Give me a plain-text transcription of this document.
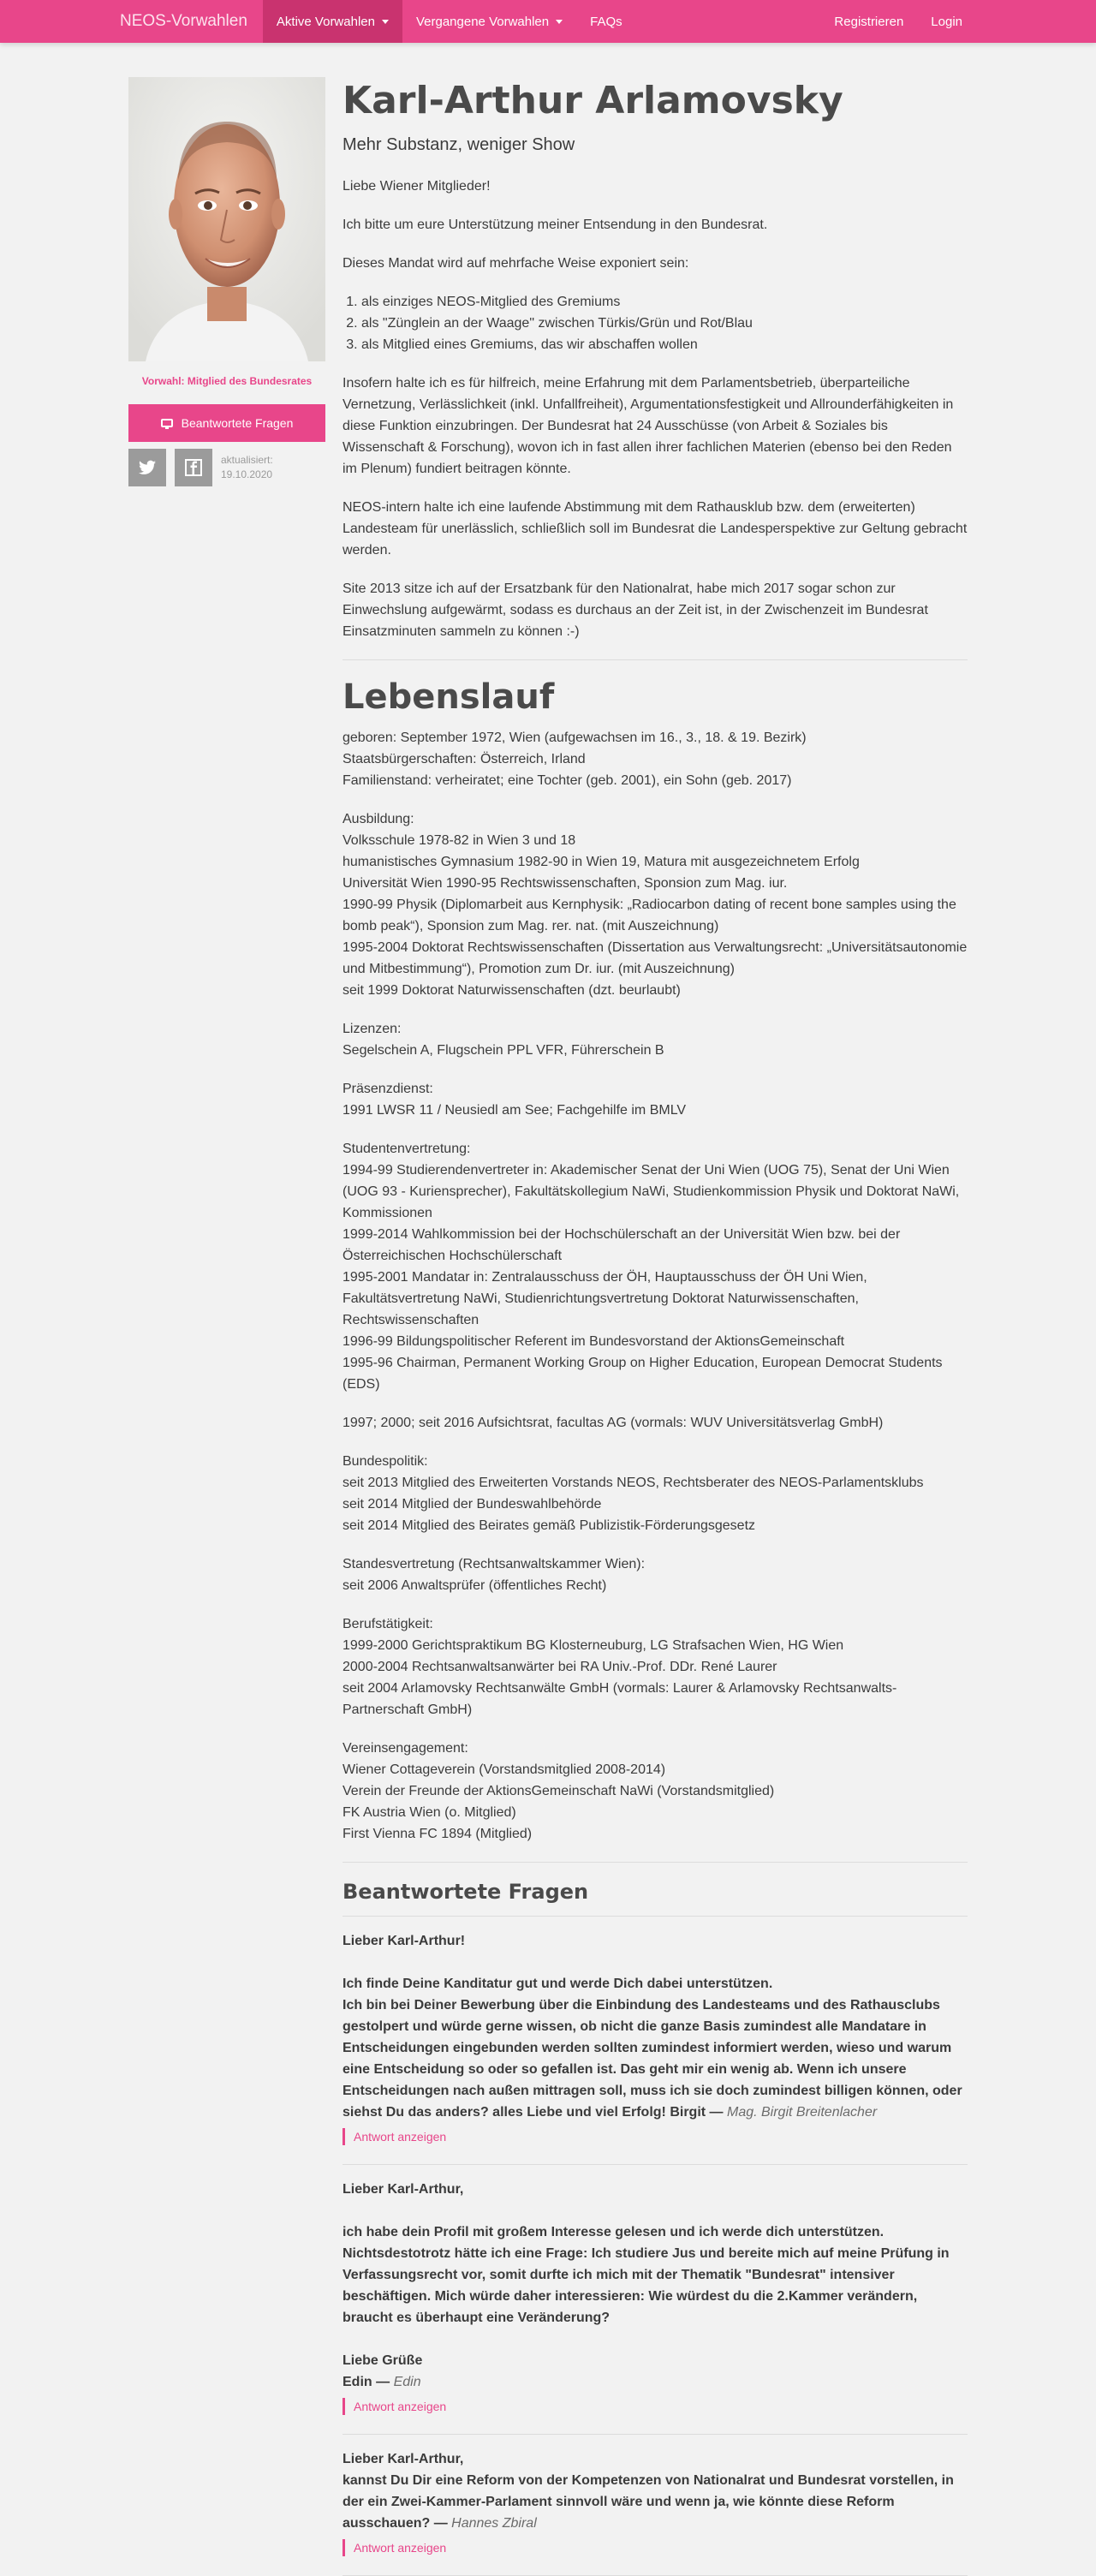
NEOS-Vorwahlen Aktive Vorwahlen	Vergangene Vorwahlen	FAQs	Registrieren	Login
Vorwahl: Mitglied des Bundesrates
Beantwortete Fragen
aktualisiert:
19.10.2020
Karl-Arthur Arlamovsky
Mehr Substanz, weniger Show

Liebe Wiener Mitglieder!

Ich bitte um eure Unterstützung meiner Entsendung in den Bundesrat.

Dieses Mandat wird auf mehrfache Weise exponiert sein:

1. als einziges NEOS-Mitglied des Gremiums
2. als "Zünglein an der Waage" zwischen Türkis/Grün und Rot/Blau
3. als Mitglied eines Gremiums, das wir abschaffen wollen

Insofern halte ich es für hilfreich, meine Erfahrung mit dem Parlamentsbetrieb, überparteiliche Vernetzung, Verlässlichkeit (inkl. Unfallfreiheit), Argumentationsfestigkeit und Allrounderfähigkeiten in diese Funktion einzubringen. Der Bundesrat hat 24 Ausschüsse (von Arbeit & Soziales bis Wissenschaft & Forschung), wovon ich in fast allen ihrer fachlichen Materien (ebenso bei den Reden im Plenum) fundiert beitragen könnte.

NEOS-intern halte ich eine laufende Abstimmung mit dem Rathausklub bzw. dem (erweiterten) Landesteam für unerlässlich, schließlich soll im Bundesrat die Landesperspektive zur Geltung gebracht werden.

Site 2013 sitze ich auf der Ersatzbank für den Nationalrat, habe mich 2017 sogar schon zur Einwechslung aufgewärmt, sodass es durchaus an der Zeit ist, in der Zwischenzeit im Bundesrat Einsatzminuten sammeln zu können :-)

Lebenslauf

geboren: September 1972, Wien (aufgewachsen im 16., 3., 18. & 19. Bezirk)
Staatsbürgerschaften: Österreich, Irland
Familienstand: verheiratet; eine Tochter (geb. 2001), ein Sohn (geb. 2017)

Ausbildung:
Volksschule 1978-82 in Wien 3 und 18
humanistisches Gymnasium 1982-90 in Wien 19, Matura mit ausgezeichnetem Erfolg
Universität Wien 1990-95 Rechtswissenschaften, Sponsion zum Mag. iur.
1990-99 Physik (Diplomarbeit aus Kernphysik: „Radiocarbon dating of recent bone samples using the bomb peak“), Sponsion zum Mag. rer. nat. (mit Auszeichnung)
1995-2004 Doktorat Rechtswissenschaften (Dissertation aus Verwaltungsrecht: „Universitätsautonomie und Mitbestimmung“), Promotion zum Dr. iur. (mit Auszeichnung)
seit 1999 Doktorat Naturwissenschaften (dzt. beurlaubt)

Lizenzen:
Segelschein A, Flugschein PPL VFR, Führerschein B

Präsenzdienst:
1991 LWSR 11 / Neusiedl am See; Fachgehilfe im BMLV

Studentenvertretung:
1994-99 Studierendenvertreter in: Akademischer Senat der Uni Wien (UOG 75), Senat der Uni Wien (UOG 93 - Kuriensprecher), Fakultätskollegium NaWi, Studienkommission Physik und Doktorat NaWi, Kommissionen
1999-2014 Wahlkommission bei der Hochschülerschaft an der Universität Wien bzw. bei der Österreichischen Hochschülerschaft
1995-2001 Mandatar in: Zentralausschuss der ÖH, Hauptausschuss der ÖH Uni Wien, Fakultätsvertretung NaWi, Studienrichtungsvertretung Doktorat Naturwissenschaften, Rechtswissenschaften
1996-99 Bildungspolitischer Referent im Bundesvorstand der AktionsGemeinschaft
1995-96 Chairman, Permanent Working Group on Higher Education, European Democrat Students (EDS)

1997; 2000; seit 2016 Aufsichtsrat, facultas AG (vormals: WUV Universitätsverlag GmbH)

Bundespolitik:
seit 2013 Mitglied des Erweiterten Vorstands NEOS, Rechtsberater des NEOS-Parlamentsklubs
seit 2014 Mitglied der Bundeswahlbehörde
seit 2014 Mitglied des Beirates gemäß Publizistik-Förderungsgesetz

Standesvertretung (Rechtsanwaltskammer Wien):
seit 2006 Anwaltsprüfer (öffentliches Recht)

Berufstätigkeit:
1999-2000 Gerichtspraktikum BG Klosterneuburg, LG Strafsachen Wien, HG Wien
2000-2004 Rechtsanwaltsanwärter bei RA Univ.-Prof. DDr. René Laurer
seit 2004 Arlamovsky Rechtsanwälte GmbH (vormals: Laurer & Arlamovsky Rechtsanwalts-Partnerschaft GmbH)

Vereinsengagement:
Wiener Cottageverein (Vorstandsmitglied 2008-2014)
Verein der Freunde der AktionsGemeinschaft NaWi (Vorstandsmitglied)
FK Austria Wien (o. Mitglied)
First Vienna FC 1894 (Mitglied)

Beantwortete Fragen
Lieber Karl-Arthur!

Ich finde Deine Kanditatur gut und werde Dich dabei unterstützen.
Ich bin bei Deiner Bewerbung über die Einbindung des Landesteams und des Rathausclubs gestolpert und würde gerne wissen, ob nicht die ganze Basis zumindest alle Mandatare in Entscheidungen eingebunden werden sollten zumindest informiert werden, wieso und warum eine Entscheidung so oder so gefallen ist. Das geht mir ein wenig ab. Wenn ich unsere Entscheidungen nach außen mittragen soll, muss ich sie doch zumindest billigen können, oder siehst Du das anders? alles Liebe und viel Erfolg! Birgit — Mag. Birgit Breitenlacher
Antwort anzeigen
Lieber Karl-Arthur,

ich habe dein Profil mit großem Interesse gelesen und ich werde dich unterstützen.
Nichtsdestotrotz hätte ich eine Frage: Ich studiere Jus und bereite mich auf meine Prüfung in Verfassungsrecht vor, somit durfte ich mich mit der Thematik "Bundesrat" intensiver beschäftigen. Mich würde daher interessieren: Wie würdest du die 2.Kammer verändern, braucht es überhaupt eine Veränderung?

Liebe Grüße
Edin — Edin
Antwort anzeigen
Lieber Karl-Arthur,
kannst Du Dir eine Reform von der Kompetenzen von Nationalrat und Bundesrat vorstellen, in der ein Zwei-Kammer-Parlament sinnvoll wäre und wenn ja, wie könnte diese Reform ausschauen? — Hannes Zbiral
Antwort anzeigen
